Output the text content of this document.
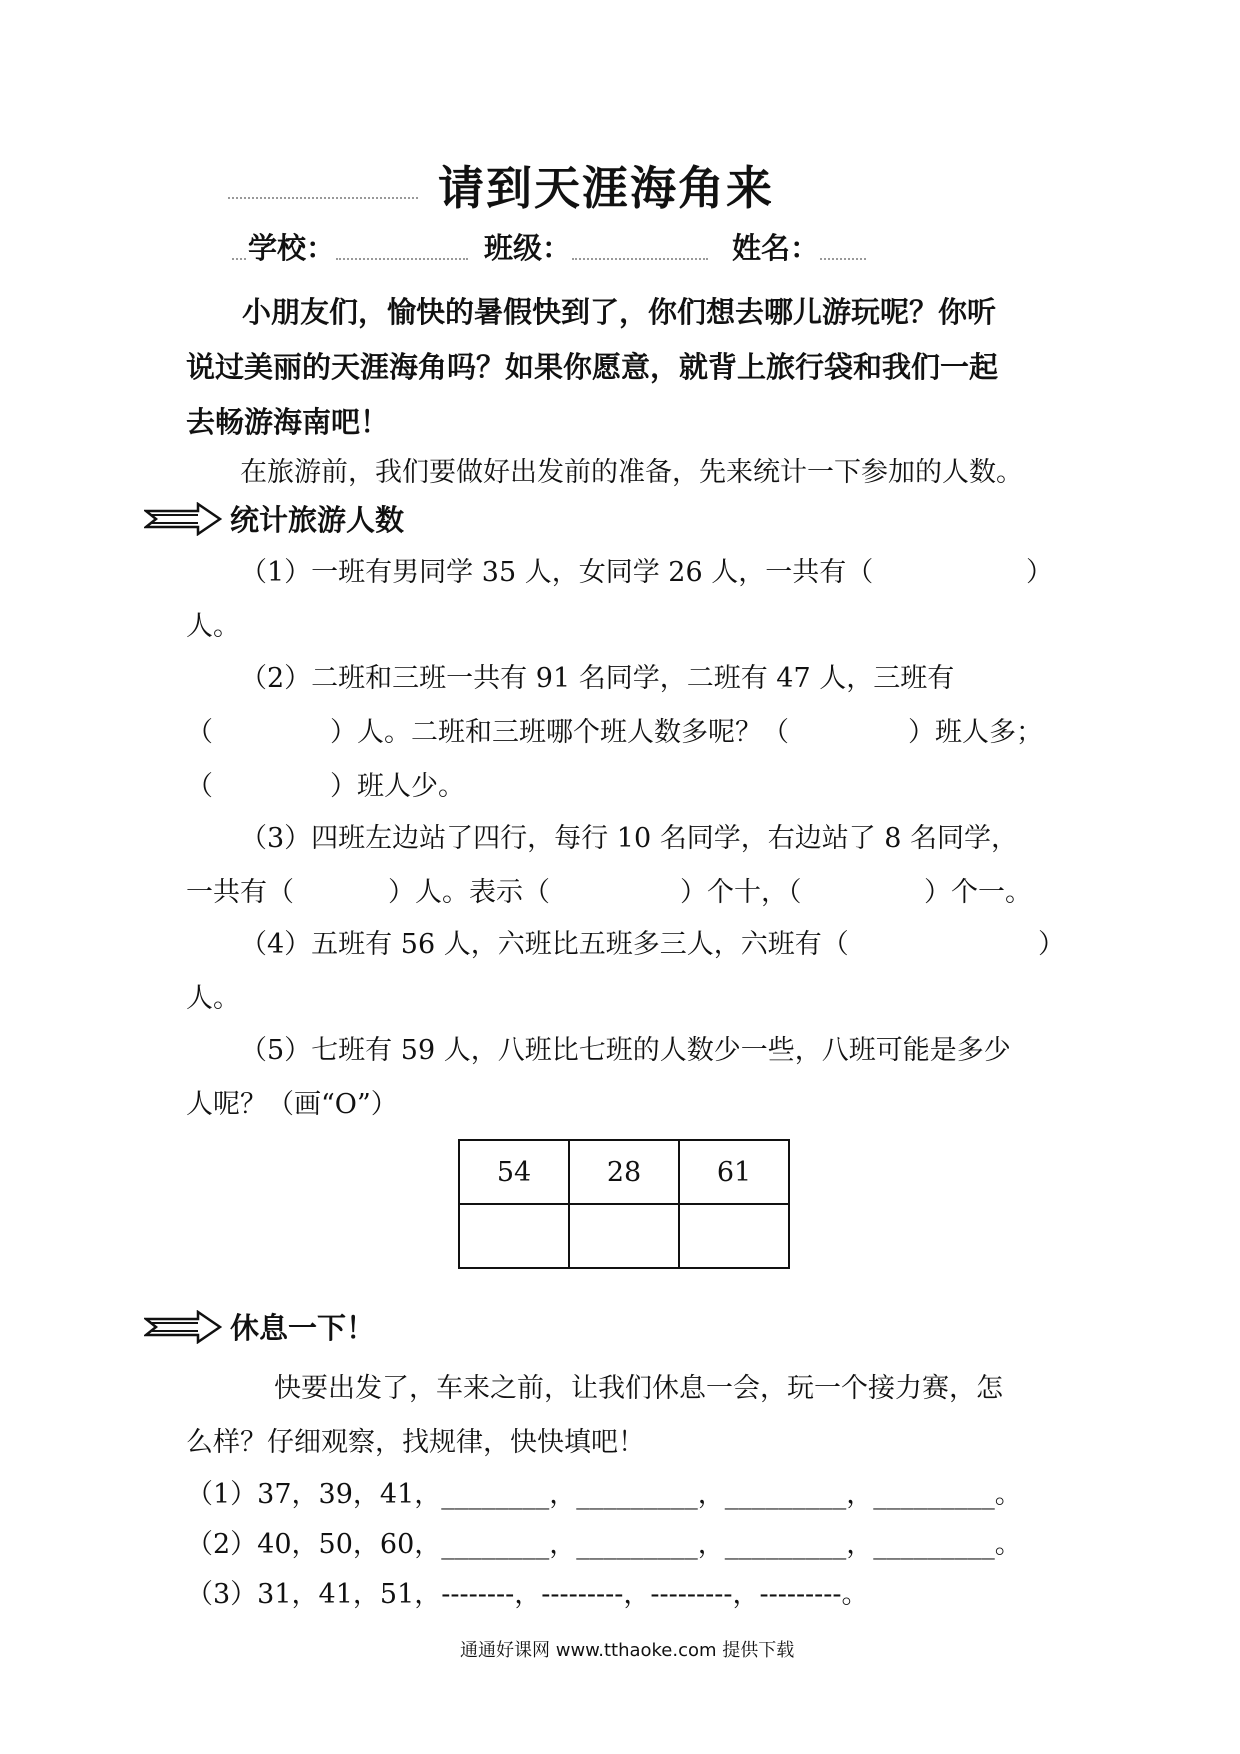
请到天涯海角来
学校：	班级：	姓名：
小朋友们，愉快的暑假快到了，你们想去哪儿游玩呢？你听
说过美丽的天涯海角吗？如果你愿意，就背上旅行袋和我们一起
去畅游海南吧！
在旅游前，我们要做好出发前的准备，先来统计一下参加的人数。
统计旅游人数
（1）一班有男同学 35 人，女同学 26 人，一共有（	）
人。
（2）二班和三班一共有 91 名同学，二班有 47 人，三班有
（	）人。二班和三班哪个班人数多呢？（	）班人多；
（	）班人少。
（3）四班左边站了四行，每行 10 名同学，右边站了 8 名同学，
一共有（	）人。表示（	）个十，（	）个一。
（4）五班有 56 人，六班比五班多三人，六班有（	）
人。
（5）七班有 59 人，八班比七班的人数少一些，八班可能是多少
人呢？（画“O”）
54	28	61

休息一下！
快要出发了，车来之前，让我们休息一会，玩一个接力赛，怎
么样？仔细观察，找规律，快快填吧！
（1）37，39，41，________，_________，_________，_________。
（2）40，50，60，________，_________，_________，_________。
（3）31，41，51，--------，---------，---------，---------。
通通好课网 www.tthaoke.com 提供下载
